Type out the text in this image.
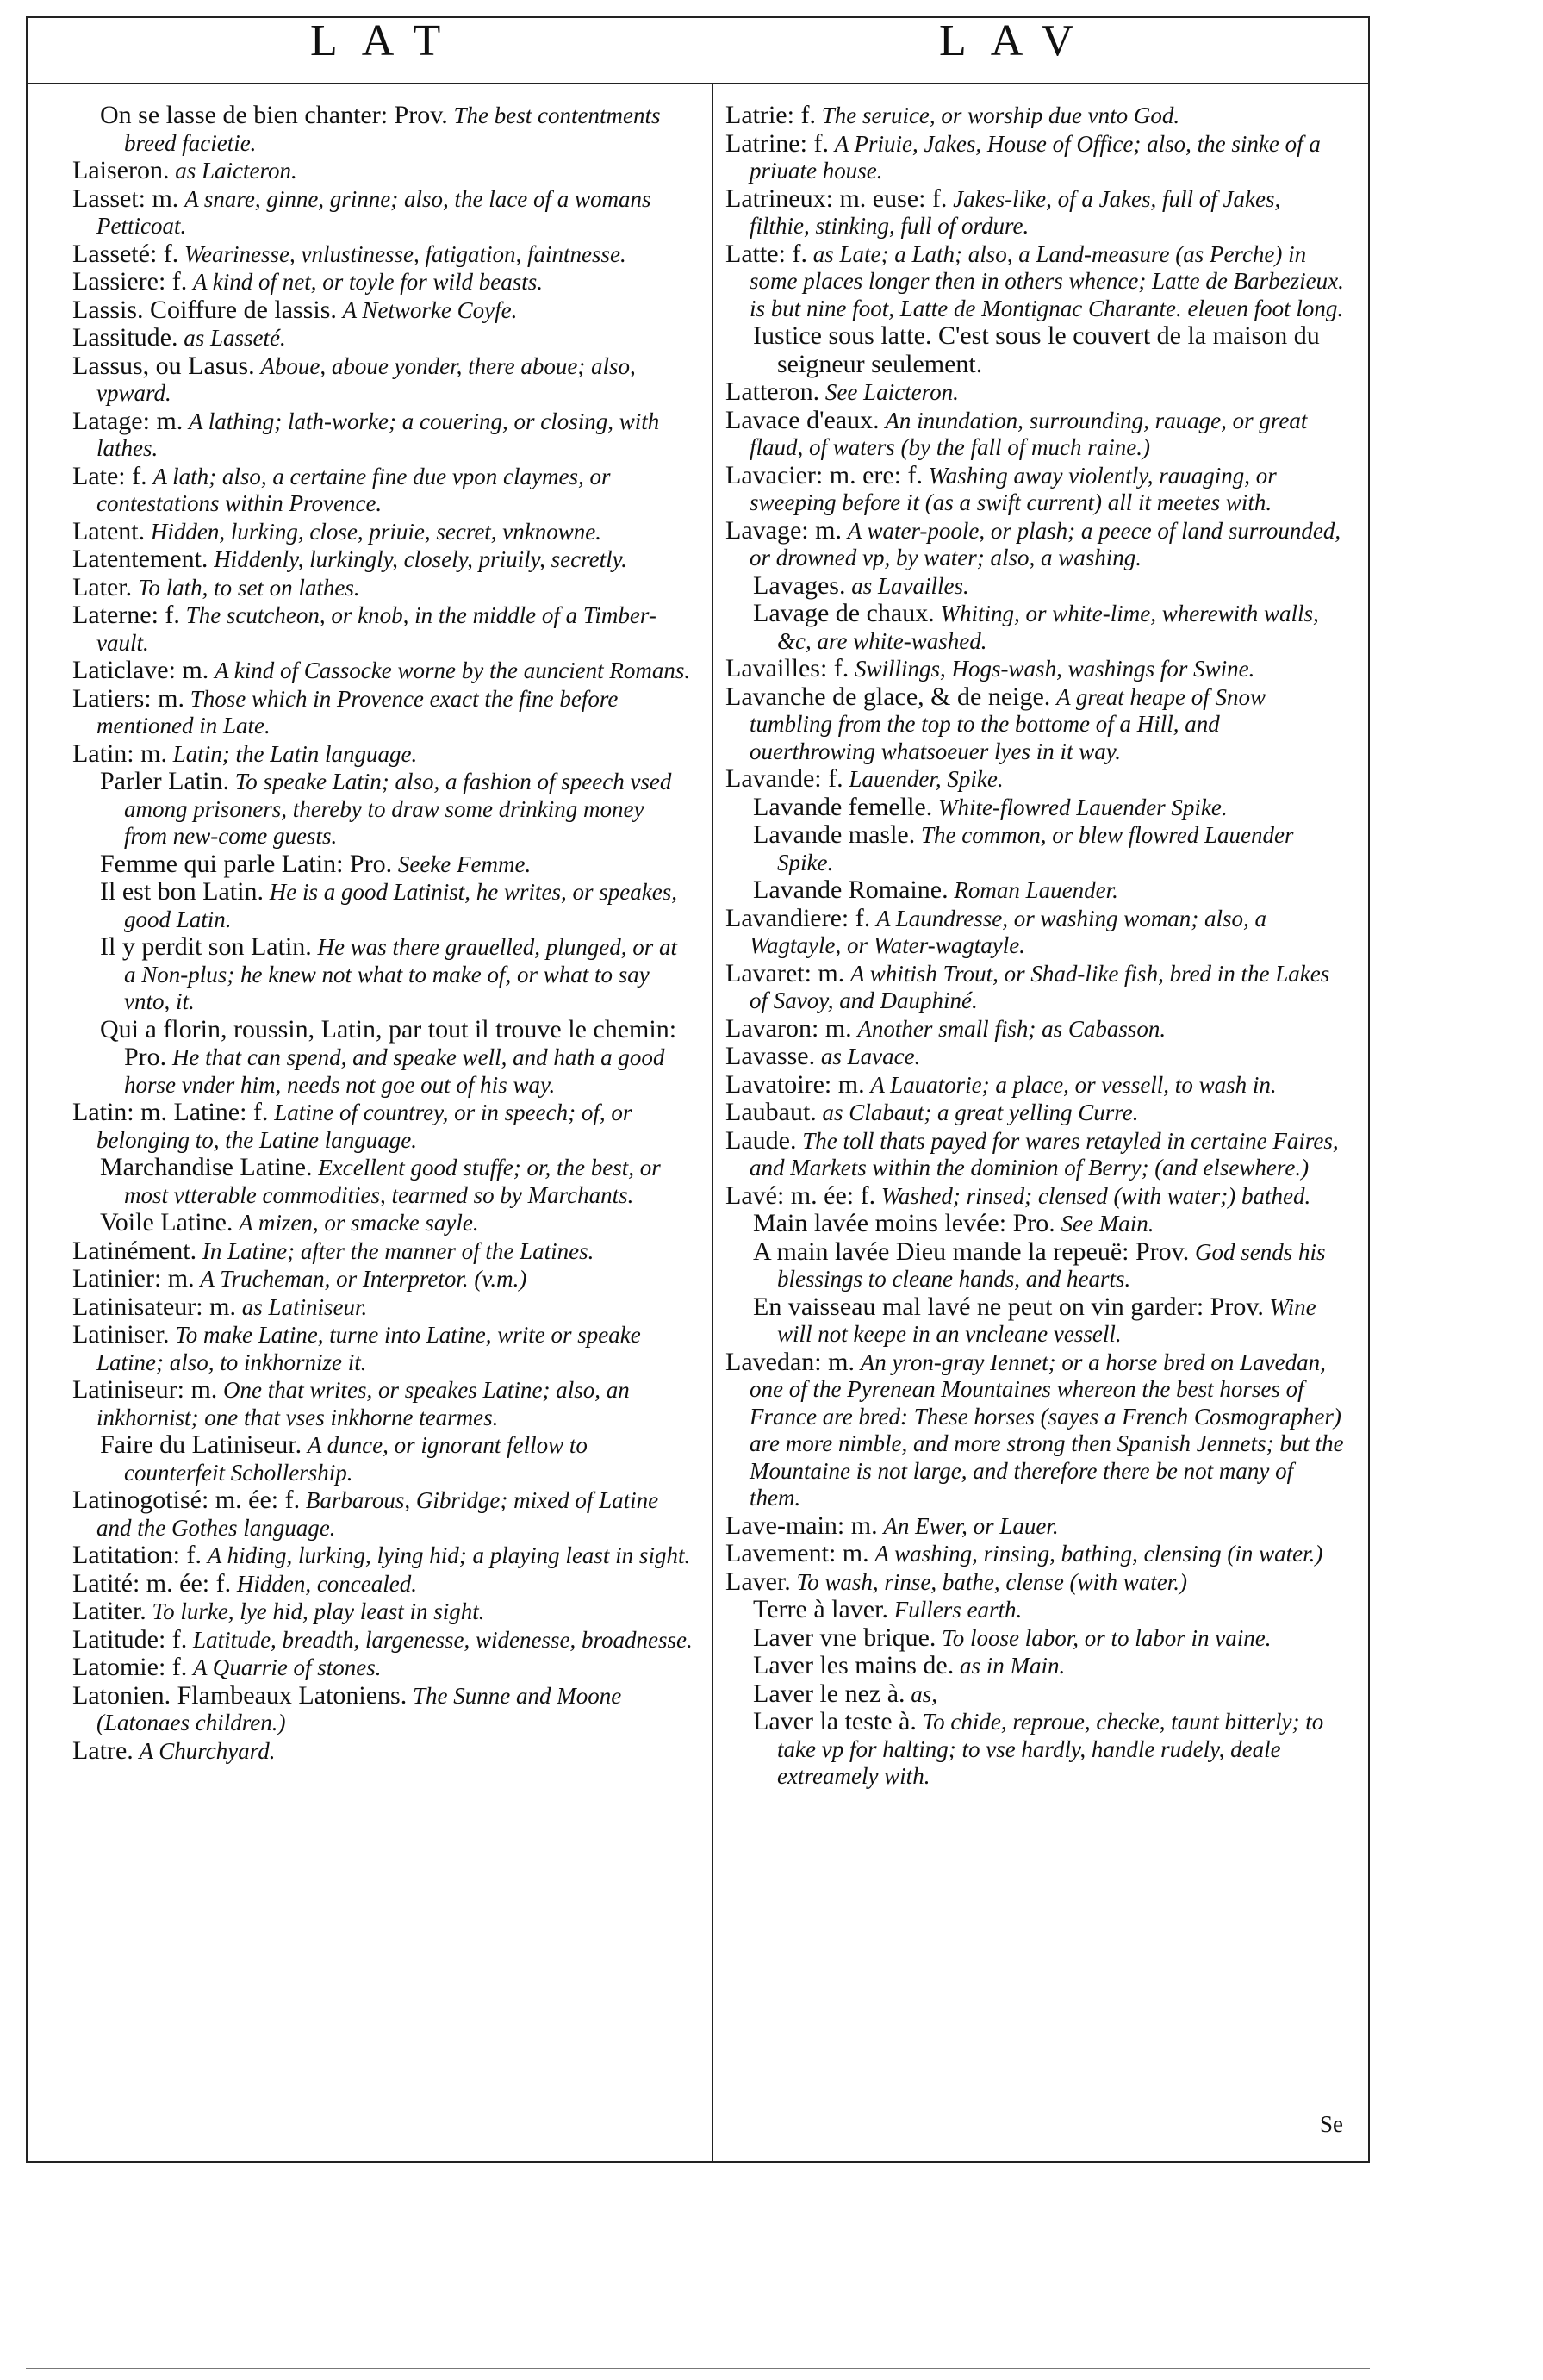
LAT	LAV

On se lasse de bien chanter: Prov. The best contentments breed facietie.

Laiseron. as Laicteron.

Lasset: m. A snare, ginne, grinne; also, the lace of a womans Petticoat.

Lasseté: f. Wearinesse, vnlustinesse, fatigation, faintnesse.

Lassiere: f. A kind of net, or toyle for wild beasts.

Lassis. Coiffure de lassis. A Networke Coyfe.

Lassitude. as Lasseté.

Lassus, ou Lasus. Aboue, aboue yonder, there aboue; also, vpward.

Latage: m. A lathing; lath-worke; a couering, or closing, with lathes.

Late: f. A lath; also, a certaine fine due vpon claymes, or contestations within Provence.

Latent. Hidden, lurking, close, priuie, secret, vnknowne.

Latentement. Hiddenly, lurkingly, closely, priuily, secretly.

Later. To lath, to set on lathes.

Laterne: f. The scutcheon, or knob, in the middle of a Timber-vault.

Laticlave: m. A kind of Cassocke worne by the auncient Romans.

Latiers: m. Those which in Provence exact the fine before mentioned in Late.

Latin: m. Latin; the Latin language.

Parler Latin. To speake Latin; also, a fashion of speech vsed among prisoners, thereby to draw some drinking money from new-come guests.

Femme qui parle Latin: Pro. Seeke Femme.

Il est bon Latin. He is a good Latinist, he writes, or speakes, good Latin.

Il y perdit son Latin. He was there grauelled, plunged, or at a Non-plus; he knew not what to make of, or what to say vnto, it.

Qui a florin, roussin, Latin, par tout il trouve le chemin: Pro. He that can spend, and speake well, and hath a good horse vnder him, needs not goe out of his way.

Latin: m. Latine: f. Latine of countrey, or in speech; of, or belonging to, the Latine language.

Marchandise Latine. Excellent good stuffe; or, the best, or most vtterable commodities, tearmed so by Marchants.

Voile Latine. A mizen, or smacke sayle.

Latinément. In Latine; after the manner of the Latines.

Latinier: m. A Trucheman, or Interpretor. (v.m.)

Latinisateur: m. as Latiniseur.

Latiniser. To make Latine, turne into Latine, write or speake Latine; also, to inkhornize it.

Latiniseur: m. One that writes, or speakes Latine; also, an inkhornist; one that vses inkhorne tearmes.

Faire du Latiniseur. A dunce, or ignorant fellow to counterfeit Schollership.

Latinogotisé: m. ée: f. Barbarous, Gibridge; mixed of Latine and the Gothes language.

Latitation: f. A hiding, lurking, lying hid; a playing least in sight.

Latité: m. ée: f. Hidden, concealed.

Latiter. To lurke, lye hid, play least in sight.

Latitude: f. Latitude, breadth, largenesse, widenesse, broadnesse.

Latomie: f. A Quarrie of stones.

Latonien. Flambeaux Latoniens. The Sunne and Moone (Latonaes children.)

Latre. A Churchyard.

Latrie: f. The seruice, or worship due vnto God.

Latrine: f. A Priuie, Jakes, House of Office; also, the sinke of a priuate house.

Latrineux: m. euse: f. Jakes-like, of a Jakes, full of Jakes, filthie, stinking, full of ordure.

Latte: f. as Late; a Lath; also, a Land-measure (as Perche) in some places longer then in others whence; Latte de Barbezieux. is but nine foot, Latte de Montignac Charante. eleuen foot long.

Iustice sous latte. C'est sous le couvert de la maison du seigneur seulement.

Latteron. See Laicteron.

Lavace d'eaux. An inundation, surrounding, rauage, or great flaud, of waters (by the fall of much raine.)

Lavacier: m. ere: f. Washing away violently, rauaging, or sweeping before it (as a swift current) all it meetes with.

Lavage: m. A water-poole, or plash; a peece of land surrounded, or drowned vp, by water; also, a washing.

Lavages. as Lavailles.

Lavage de chaux. Whiting, or white-lime, wherewith walls, &c, are white-washed.

Lavailles: f. Swillings, Hogs-wash, washings for Swine.

Lavanche de glace, & de neige. A great heape of Snow tumbling from the top to the bottome of a Hill, and ouerthrowing whatsoeuer lyes in it way.

Lavande: f. Lauender, Spike.

Lavande femelle. White-flowred Lauender Spike.

Lavande masle. The common, or blew flowred Lauender Spike.

Lavande Romaine. Roman Lauender.

Lavandiere: f. A Laundresse, or washing woman; also, a Wagtayle, or Water-wagtayle.

Lavaret: m. A whitish Trout, or Shad-like fish, bred in the Lakes of Savoy, and Dauphiné.

Lavaron: m. Another small fish; as Cabasson.

Lavasse. as Lavace.

Lavatoire: m. A Lauatorie; a place, or vessell, to wash in.

Laubaut. as Clabaut; a great yelling Curre.

Laude. The toll thats payed for wares retayled in certaine Faires, and Markets within the dominion of Berry; (and elsewhere.)

Lavé: m. ée: f. Washed; rinsed; clensed (with water;) bathed.

Main lavée moins levée: Pro. See Main.

A main lavée Dieu mande la repeuë: Prov. God sends his blessings to cleane hands, and hearts.

En vaisseau mal lavé ne peut on vin garder: Prov. Wine will not keepe in an vncleane vessell.

Lavedan: m. An yron-gray Iennet; or a horse bred on Lavedan, one of the Pyrenean Mountaines whereon the best horses of France are bred: These horses (sayes a French Cosmographer) are more nimble, and more strong then Spanish Jennets; but the Mountaine is not large, and therefore there be not many of them.

Lave-main: m. An Ewer, or Lauer.

Lavement: m. A washing, rinsing, bathing, clensing (in water.)

Laver. To wash, rinse, bathe, clense (with water.)

Terre à laver. Fullers earth.

Laver vne brique. To loose labor, or to labor in vaine.

Laver les mains de. as in Main.

Laver le nez à. as,

Laver la teste à. To chide, reproue, checke, taunt bitterly; to take vp for halting; to vse hardly, handle rudely, deale extreamely with.

Se
